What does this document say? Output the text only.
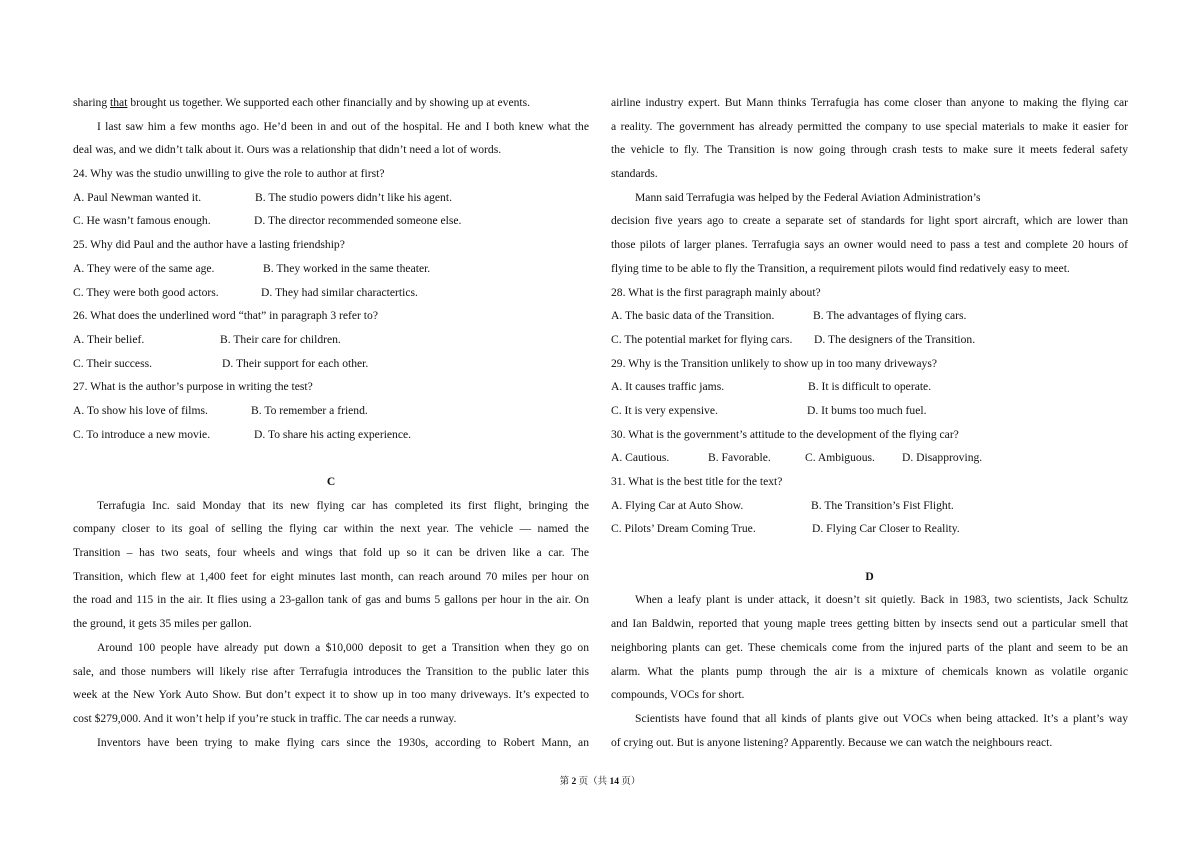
sharing that brought us together. We supported each other financially and by showing up at events.
I last saw him a few months ago. He’d been in and out of the hospital. He and I both knew what the
deal was, and we didn’t talk about it. Ours was a relationship that didn’t need a lot of words.
24. Why was the studio unwilling to give the role to author at first?
A. Paul Newman wanted it.	B. The studio powers didn’t like his agent.
C. He wasn’t famous enough.	D. The director recommended someone else.
25. Why did Paul and the author have a lasting friendship?
A. They were of the same age.	B. They worked in the same theater.
C. They were both good actors.	D. They had similar charactertics.
26. What does the underlined word “that” in paragraph 3 refer to?
A. Their belief.	B. Their care for children.
C. Their success.	D. Their support for each other.
27. What is the author’s purpose in writing the test?
A. To show his love of films.	B. To remember a friend.
C. To introduce a new movie.	D. To share his acting experience.
C
Terrafugia Inc. said Monday that its new flying car has completed its first flight, bringing the
company closer to its goal of selling the flying car within the next year. The vehicle — named the
Transition – has two seats, four wheels and wings that fold up so it can be driven like a car. The
Transition, which flew at 1,400 feet for eight minutes last month, can reach around 70 miles per hour on
the road and 115 in the air. It flies using a 23-gallon tank of gas and bums 5 gallons per hour in the air. On
the ground, it gets 35 miles per gallon.
Around 100 people have already put down a $10,000 deposit to get a Transition when they go on
sale, and those numbers will likely rise after Terrafugia introduces the Transition to the public later this
week at the New York Auto Show. But don’t expect it to show up in too many driveways. It’s expected to
cost $279,000. And it won’t help if you’re stuck in traffic. The car needs a runway.
Inventors have been trying to make flying cars since the 1930s, according to Robert Mann, an
airline industry expert. But Mann thinks Terrafugia has come closer than anyone to making the flying car
a reality. The government has already permitted the company to use special materials to make it easier for
the vehicle to fly. The Transition is now going through crash tests to make sure it meets federal safety
standards.
Mann said Terrafugia was helped by the Federal Aviation Administration’s
decision five years ago to create a separate set of standards for light sport aircraft, which are lower than
those pilots of larger planes. Terrafugia says an owner would need to pass a test and complete 20 hours of
flying time to be able to fly the Transition, a requirement pilots would find redatively easy to meet.
28. What is the first paragraph mainly about?
A. The basic data of the Transition.	B. The advantages of flying cars.
C. The potential market for flying cars. D. The designers of the Transition.
29. Why is the Transition unlikely to show up in too many driveways?
A. It causes traffic jams.	B. It is difficult to operate.
C. It is very expensive.	D. It bums too much fuel.
30. What is the government’s attitude to the development of the flying car?
A. Cautious.	B. Favorable.	C. Ambiguous. D. Disapproving.
31. What is the best title for the text?
A. Flying Car at Auto Show.	B. The Transition’s Fist Flight.
C. Pilots’ Dream Coming True.	D. Flying Car Closer to Reality.
D
When a leafy plant is under attack, it doesn’t sit quietly. Back in 1983, two scientists, Jack Schultz
and Ian Baldwin, reported that young maple trees getting bitten by insects send out a particular smell that
neighboring plants can get. These chemicals come from the injured parts of the plant and seem to be an
alarm. What the plants pump through the air is a mixture of chemicals known as volatile organic
compounds, VOCs for short.
Scientists have found that all kinds of plants give out VOCs when being attacked. It’s a plant’s way
of crying out. But is anyone listening? Apparently. Because we can watch the neighbours react.
第 2 页（共 14 页）
